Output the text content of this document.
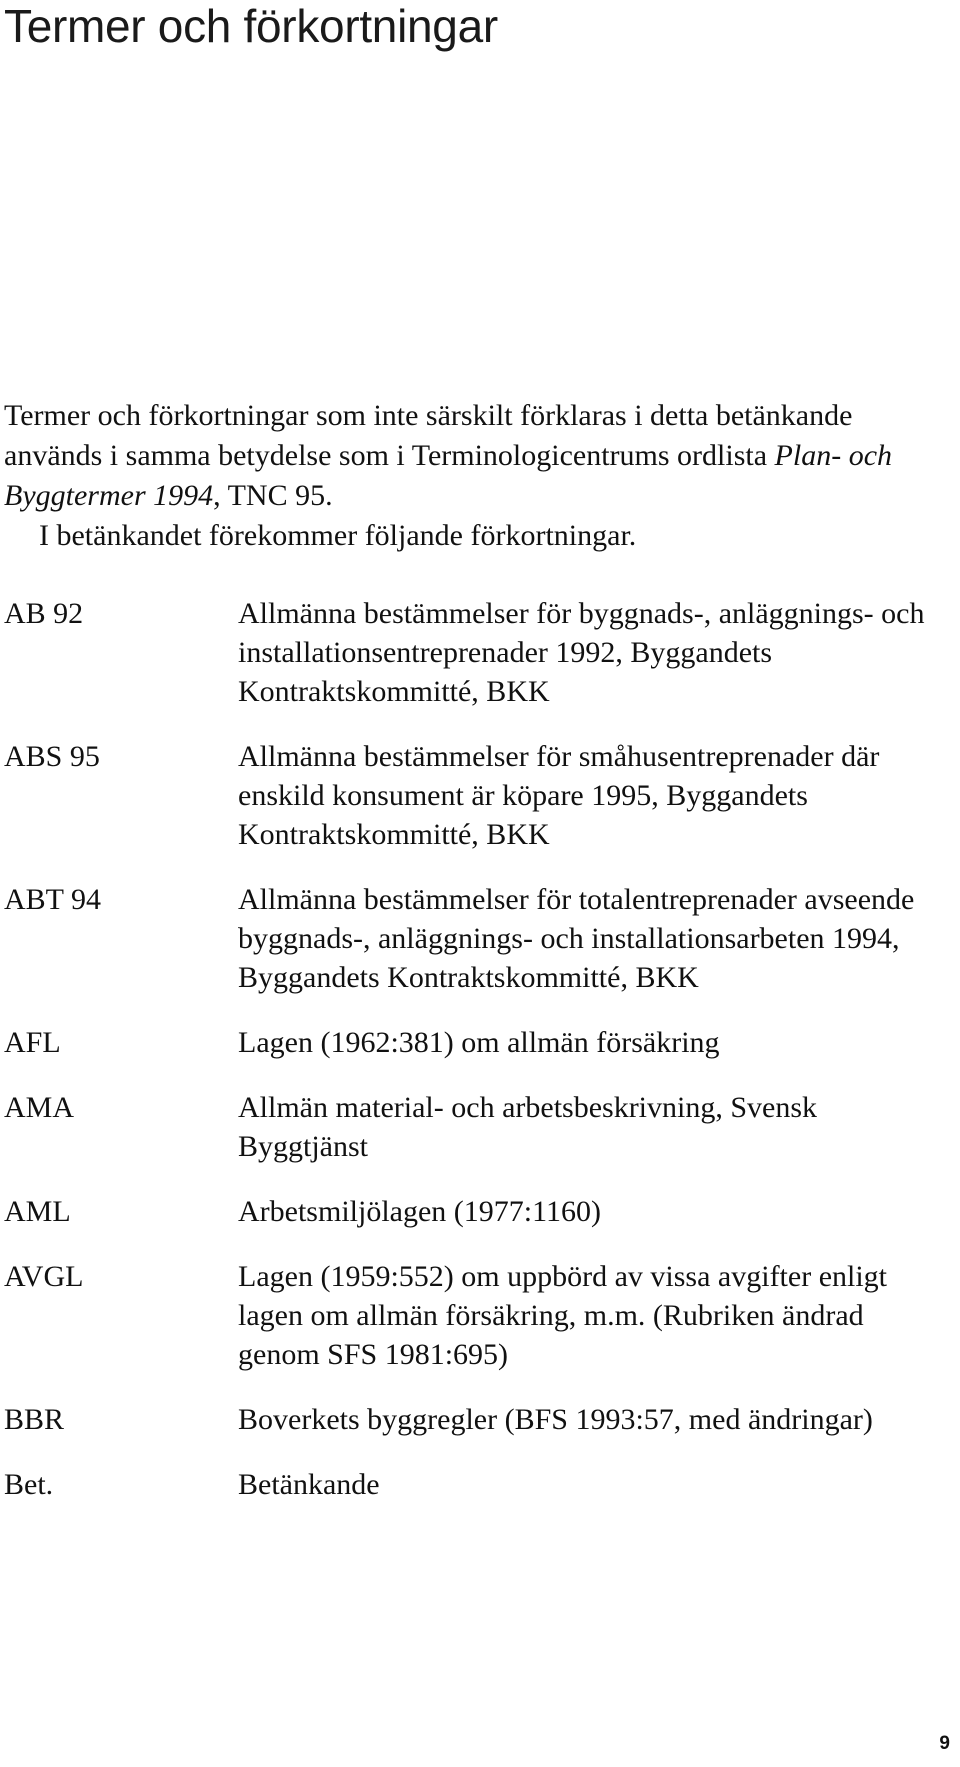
Termer och förkortningar

Termer och förkortningar som inte särskilt förklaras i detta betänkande används i samma betydelse som i Terminologicentrums ordlista Plan- och Byggtermer 1994, TNC 95.

I betänkandet förekommer följande förkortningar.

AB 92	Allmänna bestämmelser för byggnads-, anläggnings- och installationsentreprenader 1992, Byggandets Kontraktskommitté, BKK
ABS 95	Allmänna bestämmelser för småhusentreprenader där enskild konsument är köpare 1995, Byggandets Kontraktskommitté, BKK
ABT 94	Allmänna bestämmelser för totalentreprenader avseende byggnads-, anläggnings- och installationsarbeten 1994, Byggandets Kontraktskommitté, BKK
AFL	Lagen (1962:381) om allmän försäkring
AMA	Allmän material- och arbetsbeskrivning, Svensk Byggtjänst
AML	Arbetsmiljölagen (1977:1160)
AVGL	Lagen (1959:552) om uppbörd av vissa avgifter enligt lagen om allmän försäkring, m.m. (Rubriken ändrad genom SFS 1981:695)
BBR	Boverkets byggregler (BFS 1993:57, med ändringar)
Bet.	Betänkande
9
